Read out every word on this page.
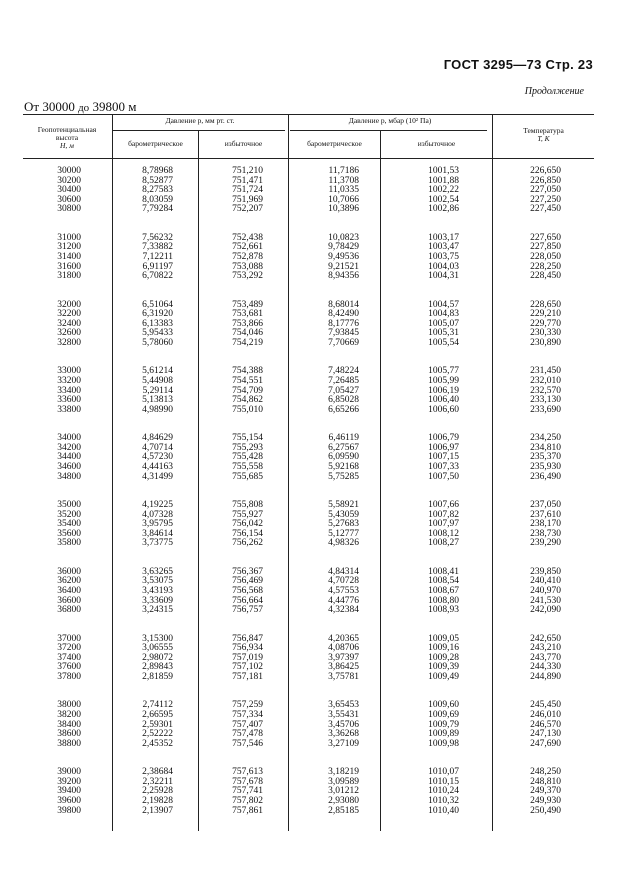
ГОСТ 3295—73 Стр. 23
Продолжение
От 30000 до 39800 м
Геопотенциальная
высота
H, м
Давление p, мм рт. ст.	Давление p, мбар (10² Па)
барометрическое	избыточное	барометрическое	избыточное
Температура
T, K
30000	8,78968	751,210	11,7186	1001,53	226,650
30200	8,52877	751,471	11,3708	1001,88	226,850
30400	8,27583	751,724	11,0335	1002,22	227,050
30600	8,03059	751,969	10,7066	1002,54	227,250
30800	7,79284	752,207	10,3896	1002,86	227,450
31000	7,56232	752,438	10,0823	1003,17	227,650
31200	7,33882	752,661	9,78429	1003,47	227,850
31400	7,12211	752,878	9,49536	1003,75	228,050
31600	6,91197	753,088	9,21521	1004,03	228,250
31800	6,70822	753,292	8,94356	1004,31	228,450
32000	6,51064	753,489	8,68014	1004,57	228,650
32200	6,31920	753,681	8,42490	1004,83	229,210
32400	6,13383	753,866	8,17776	1005,07	229,770
32600	5,95433	754,046	7,93845	1005,31	230,330
32800	5,78060	754,219	7,70669	1005,54	230,890
33000	5,61214	754,388	7,48224	1005,77	231,450
33200	5,44908	754,551	7,26485	1005,99	232,010
33400	5,29114	754,709	7,05427	1006,19	232,570
33600	5,13813	754,862	6,85028	1006,40	233,130
33800	4,98990	755,010	6,65266	1006,60	233,690
34000	4,84629	755,154	6,46119	1006,79	234,250
34200	4,70714	755,293	6,27567	1006,97	234,810
34400	4,57230	755,428	6,09590	1007,15	235,370
34600	4,44163	755,558	5,92168	1007,33	235,930
34800	4,31499	755,685	5,75285	1007,50	236,490
35000	4,19225	755,808	5,58921	1007,66	237,050
35200	4,07328	755,927	5,43059	1007,82	237,610
35400	3,95795	756,042	5,27683	1007,97	238,170
35600	3,84614	756,154	5,12777	1008,12	238,730
35800	3,73775	756,262	4,98326	1008,27	239,290
36000	3,63265	756,367	4,84314	1008,41	239,850
36200	3,53075	756,469	4,70728	1008,54	240,410
36400	3,43193	756,568	4,57553	1008,67	240,970
36600	3,33609	756,664	4,44776	1008,80	241,530
36800	3,24315	756,757	4,32384	1008,93	242,090
37000	3,15300	756,847	4,20365	1009,05	242,650
37200	3,06555	756,934	4,08706	1009,16	243,210
37400	2,98072	757,019	3,97397	1009,28	243,770
37600	2,89843	757,102	3,86425	1009,39	244,330
37800	2,81859	757,181	3,75781	1009,49	244,890
38000	2,74112	757,259	3,65453	1009,60	245,450
38200	2,66595	757,334	3,55431	1009,69	246,010
38400	2,59301	757,407	3,45706	1009,79	246,570
38600	2,52222	757,478	3,36268	1009,89	247,130
38800	2,45352	757,546	3,27109	1009,98	247,690
39000	2,38684	757,613	3,18219	1010,07	248,250
39200	2,32211	757,678	3,09589	1010,15	248,810
39400	2,25928	757,741	3,01212	1010,24	249,370
39600	2,19828	757,802	2,93080	1010,32	249,930
39800	2,13907	757,861	2,85185	1010,40	250,490
